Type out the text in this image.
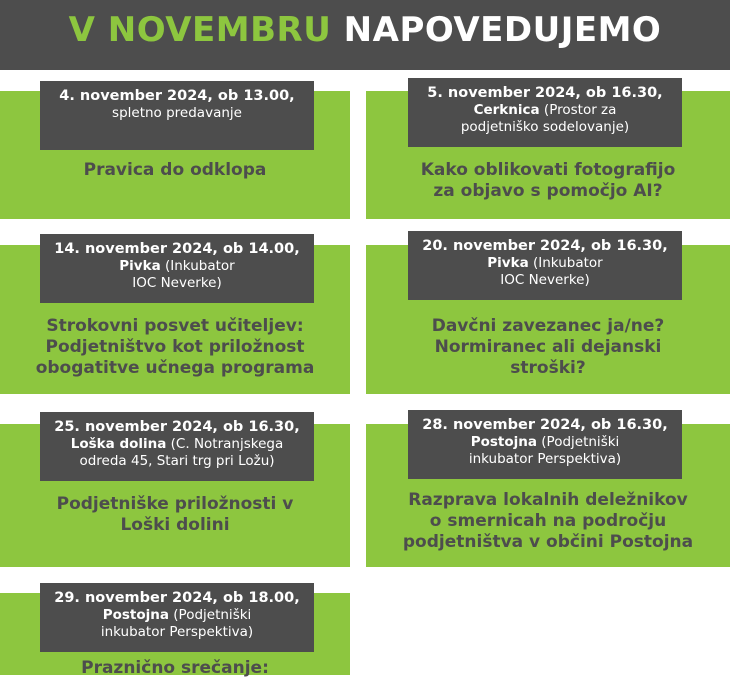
V NOVEMBRU NAPOVEDUJEMO
4. november 2024, ob 13.00,
spletno predavanje
Pravica do odklopa
5. november 2024, ob 16.30,
Cerknica (Prostor za
podjetniško sodelovanje)
Kako oblikovati fotografijo
za objavo s pomočjo AI?
14. november 2024, ob 14.00,
Pivka (Inkubator
IOC Neverke)
Strokovni posvet učiteljev:
Podjetništvo kot priložnost
obogatitve učnega programa
20. november 2024, ob 16.30,
Pivka (Inkubator
IOC Neverke)
Davčni zavezanec ja/ne?
Normiranec ali dejanski
stroški?
25. november 2024, ob 16.30,
Loška dolina (C. Notranjskega
odreda 45, Stari trg pri Ložu)
Podjetniške priložnosti v
Loški dolini
28. november 2024, ob 16.30,
Postojna (Podjetniški
inkubator Perspektiva)
Razprava lokalnih deležnikov
o smernicah na področju
podjetništva v občini Postojna
29. november 2024, ob 18.00,
Postojna (Podjetniški
inkubator Perspektiva)
Praznično srečanje:
